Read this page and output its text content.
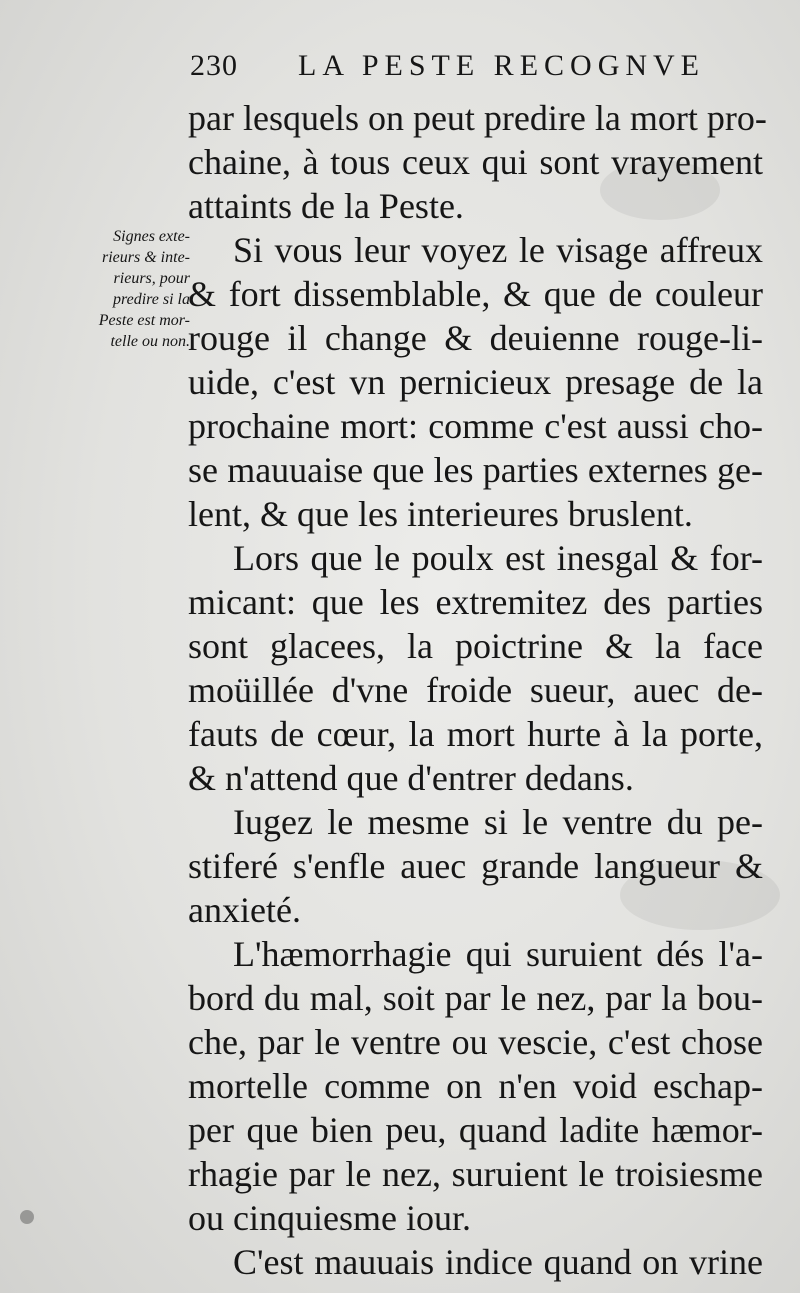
230 LA PESTE RECOGNVE
Signes exte-
rieurs & inte-
rieurs, pour
predire si la
Peste est mor-
telle ou non.
par lesquels on peut predire la mort pro-
chaine, à tous ceux qui sont vrayement
attaints de la Peste.
Si vous leur voyez le visage affreux
& fort dissemblable, & que de couleur
rouge il change & deuienne rouge-li-
uide, c'est vn pernicieux presage de la
prochaine mort: comme c'est aussi cho-
se mauuaise que les parties externes ge-
lent, & que les interieures bruslent.
Lors que le poulx est inesgal & for-
micant: que les extremitez des parties
sont glacees, la poictrine & la face
moüillée d'vne froide sueur, auec de-
fauts de cœur, la mort hurte à la porte,
& n'attend que d'entrer dedans.
Iugez le mesme si le ventre du pe-
stiferé s'enfle auec grande langueur &
anxieté.
L'hæmorrhagie qui suruient dés l'a-
bord du mal, soit par le nez, par la bou-
che, par le ventre ou vescie, c'est chose
mortelle comme on n'en void eschap-
per que bien peu, quand ladite hæmor-
rhagie par le nez, suruient le troisiesme
ou cinquiesme iour.
C'est mauuais indice quand on vrine
